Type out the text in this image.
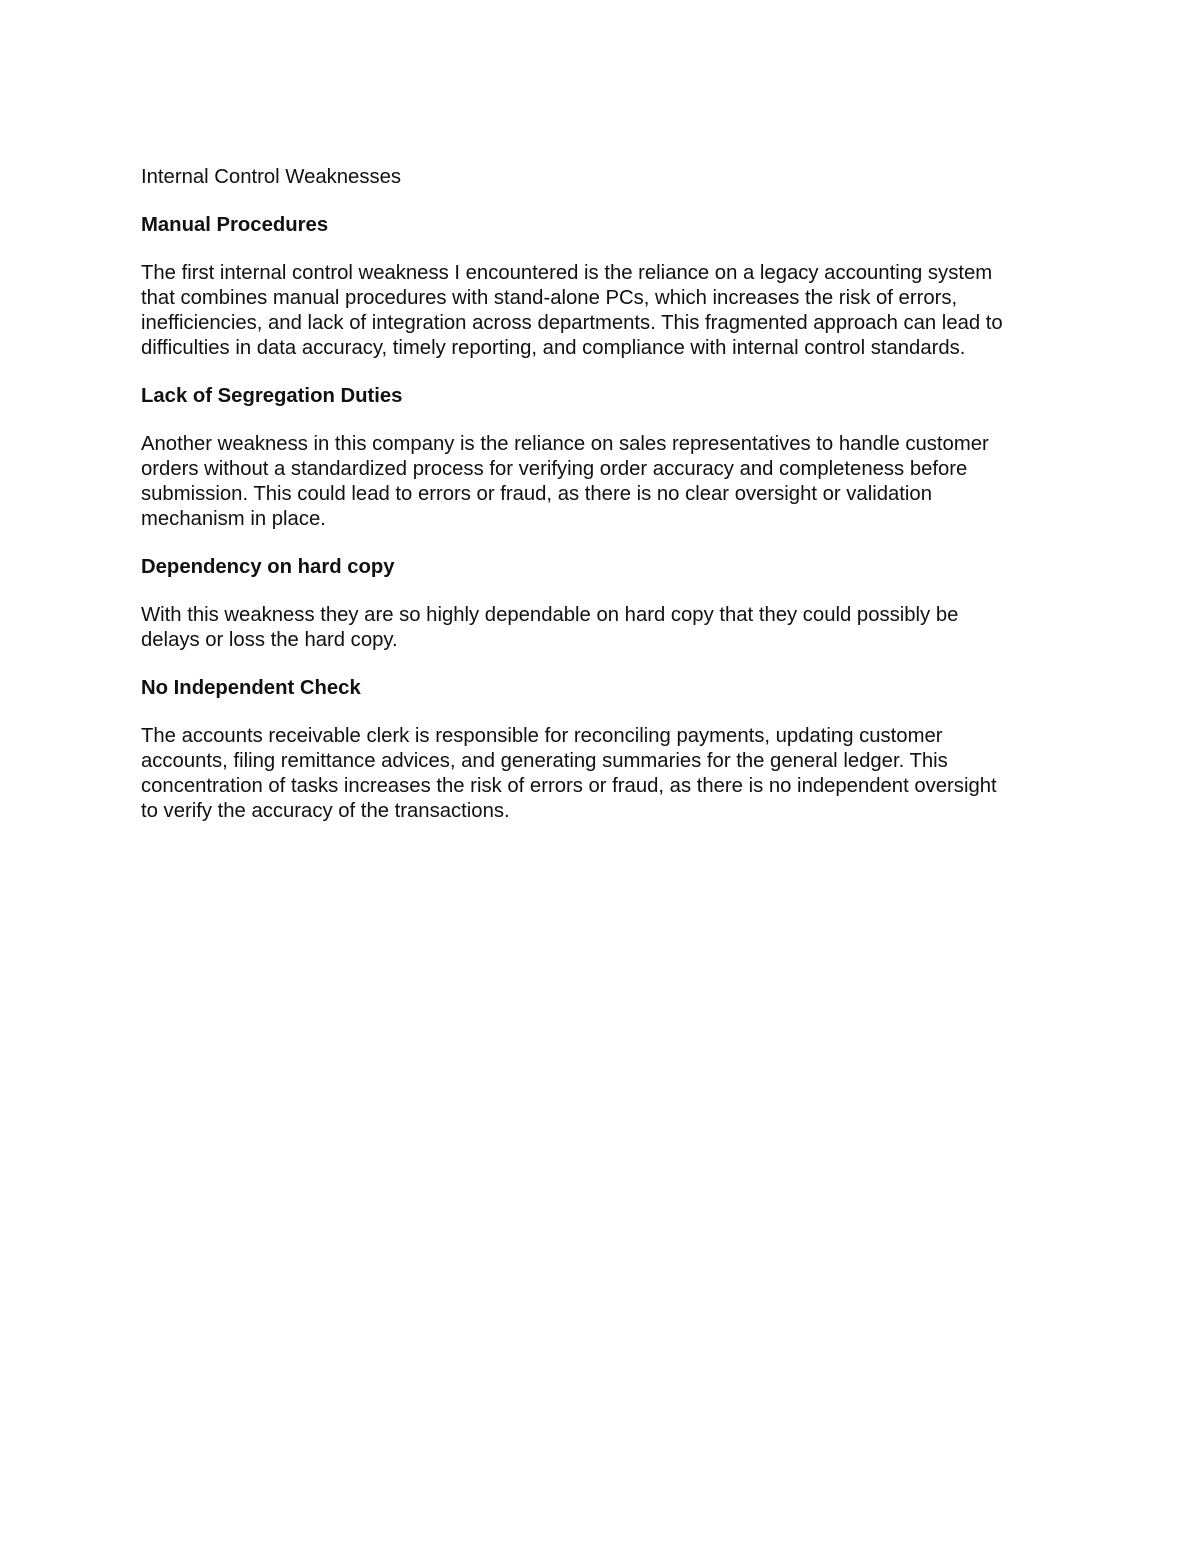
Internal Control Weaknesses
Manual Procedures
The first internal control weakness I encountered is the reliance on a legacy accounting system
that combines manual procedures with stand-alone PCs, which increases the risk of errors,
inefficiencies, and lack of integration across departments. This fragmented approach can lead to
difficulties in data accuracy, timely reporting, and compliance with internal control standards.
Lack of Segregation Duties
Another weakness in this company is the reliance on sales representatives to handle customer
orders without a standardized process for verifying order accuracy and completeness before
submission. This could lead to errors or fraud, as there is no clear oversight or validation
mechanism in place.
Dependency on hard copy
With this weakness they are so highly dependable on hard copy that they could possibly be
delays or loss the hard copy.
No Independent Check
The accounts receivable clerk is responsible for reconciling payments, updating customer
accounts, filing remittance advices, and generating summaries for the general ledger. This
concentration of tasks increases the risk of errors or fraud, as there is no independent oversight
to verify the accuracy of the transactions.
